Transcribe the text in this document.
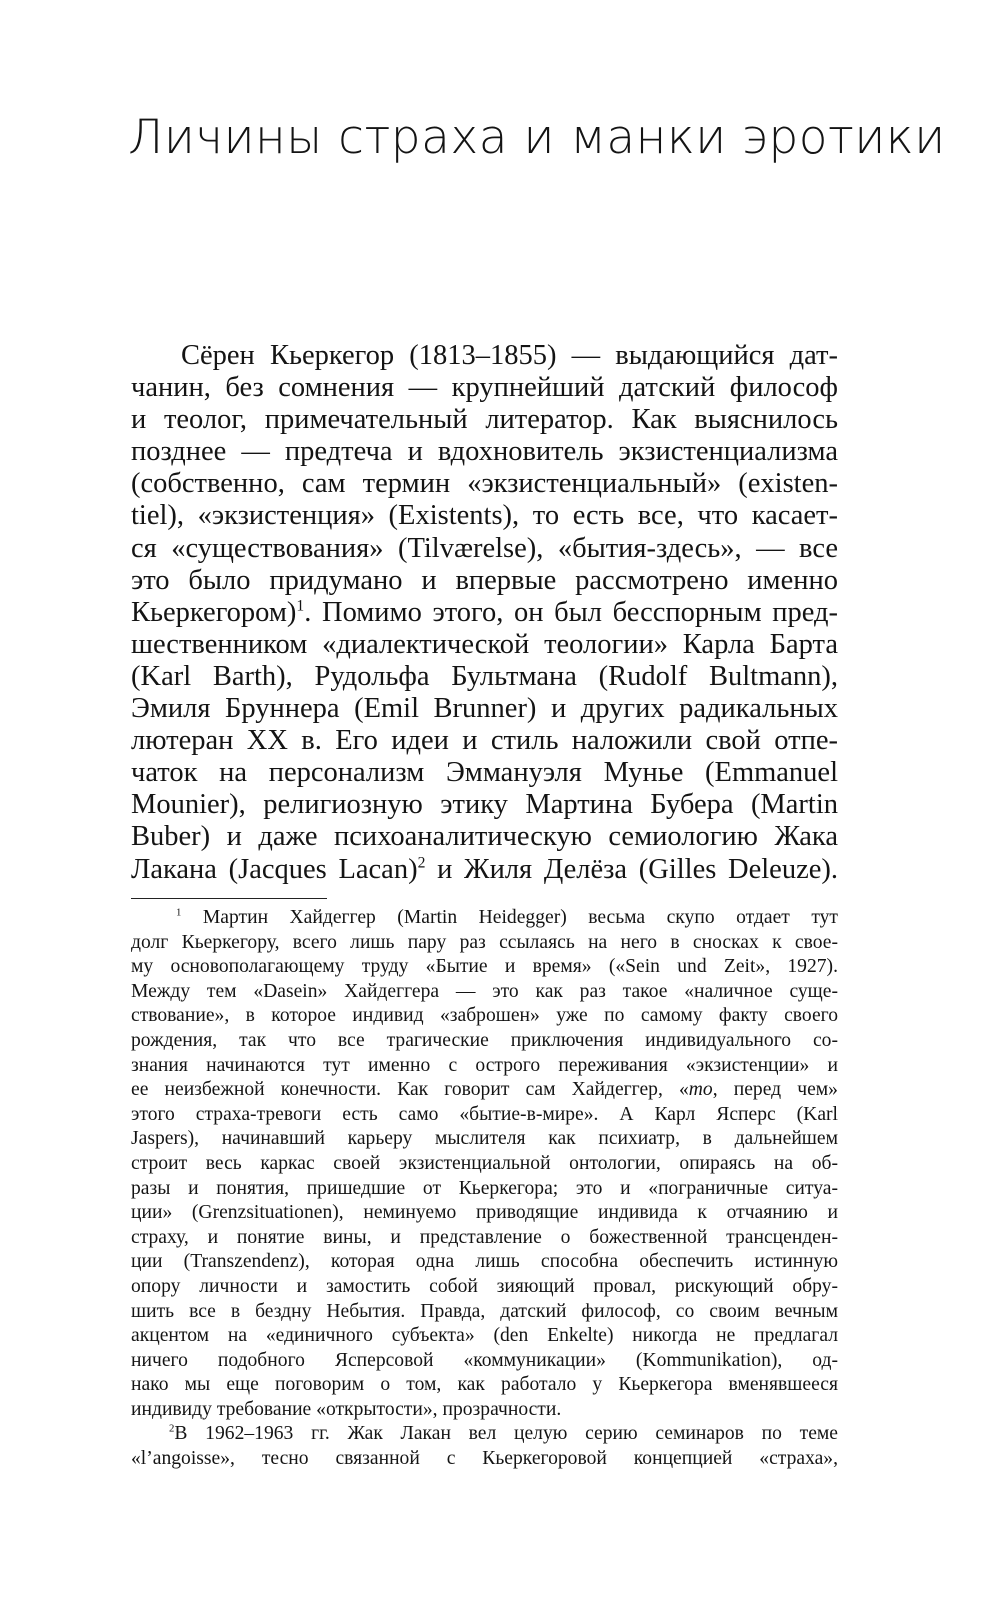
Личины страха и манки эротики
Сёрен Кьеркегор (1813–1855) — выдающийся дат-
чанин, без сомнения — крупнейший датский философ
и теолог, примечательный литератор. Как выяснилось
позднее — предтеча и вдохновитель экзистенциализма
(собственно, сам термин «экзистенциальный» (existen-
tiel), «экзистенция» (Existents), то есть все, что касает-
ся «существования» (Tilværelse), «бытия-здесь», — все
это было придумано и впервые рассмотрено именно
Кьеркегором)$^1$. Помимо этого, он был бесспорным пред-
шественником «диалектической теологии» Карла Барта
(Karl Barth), Рудольфа Бультмана (Rudolf Bultmann),
Эмиля Бруннера (Emil Brunner) и других радикальных
лютеран XX в. Его идеи и стиль наложили свой отпе-
чаток на персонализм Эммануэля Мунье (Emmanuel
Mounier), религиозную этику Мартина Бубера (Martin
Buber) и даже психоаналитическую семиологию Жака
Лакана (Jacques Lacan)$^2$ и Жиля Делёза (Gilles Deleuze).
$^1$ Мартин Хайдеггер (Martin Heidegger) весьма скупо отдает тут
долг Кьеркегору, всего лишь пару раз ссылаясь на него в сносках к свое-
му основополагающему труду «Бытие и время» («Sein und Zeit», 1927).
Между тем «Dasein» Хайдеггера — это как раз такое «наличное суще-
ствование», в которое индивид «заброшен» уже по самому факту своего
рождения, так что все трагические приключения индивидуального со-
знания начинаются тут именно с острого переживания «экзистенции» и
ее неизбежной конечности. Как говорит сам Хайдеггер, «то, перед чем»
этого страха-тревоги есть само «бытие-в-мире». А Карл Ясперс (Karl
Jaspers), начинавший карьеру мыслителя как психиатр, в дальнейшем
строит весь каркас своей экзистенциальной онтологии, опираясь на об-
разы и понятия, пришедшие от Кьеркегора; это и «пограничные ситуа-
ции» (Grenzsituationen), неминуемо приводящие индивида к отчаянию и
страху, и понятие вины, и представление о божественной трансценден-
ции (Transzendenz), которая одна лишь способна обеспечить истинную
опору личности и замостить собой зияющий провал, рискующий обру-
шить все в бездну Небытия. Правда, датский философ, со своим вечным
акцентом на «единичного субъекта» (den Enkelte) никогда не предлагал
ничего подобного Ясперсовой «коммуникации» (Kommunikation), од-
нако мы еще поговорим о том, как работало у Кьеркегора вменявшееся
индивиду требование «открытости», прозрачности.
$^2$В 1962–1963 гг. Жак Лакан вел целую серию семинаров по теме
«l’angoisse», тесно связанной с Кьеркегоровой концепцией «страха»,
